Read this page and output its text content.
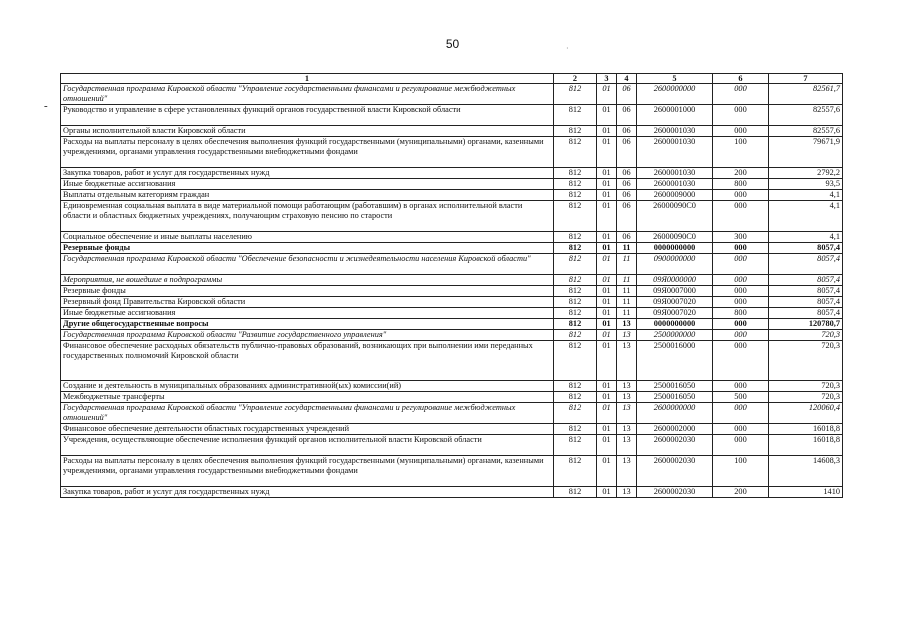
50
-
·
1	2	3	4	5	6	7
Государственная программа Кировской области "Управление государственными финансами и регулирование межбюджетных отношений"	812	01	06	2600000000	000	82561,7
Руководство и управление в сфере установленных функций органов государственной власти Кировской области	812	01	06	2600001000	000	82557,6
Органы исполнительной власти Кировской области	812	01	06	2600001030	000	82557,6
Расходы на выплаты персоналу в целях обеспечения выполнения функций государственными (муниципальными) органами, казенными учреждениями, органами управления государственными внебюджетными фондами	812	01	06	2600001030	100	79671,9
Закупка товаров, работ и услуг для государственных нужд	812	01	06	2600001030	200	2792,2
Иные бюджетные ассигнования	812	01	06	2600001030	800	93,5
Выплаты отдельным категориям граждан	812	01	06	2600009000	000	4,1
Единовременная социальная выплата в виде материальной помощи работающим (работавшим) в органах исполнительной власти области и областных бюджетных учреждениях, получающим страховую пенсию по старости	812	01	06	26000090С0	000	4,1
Социальное обеспечение и иные выплаты населению	812	01	06	26000090С0	300	4,1
Резервные фонды	812	01	11	0000000000	000	8057,4
Государственная программа Кировской области "Обеспечение безопасности и жизнедеятельности населения Кировской области"	812	01	11	0900000000	000	8057,4
Мероприятия, не вошедшие в подпрограммы	812	01	11	09Я0000000	000	8057,4
Резервные фонды	812	01	11	09Я0007000	000	8057,4
Резервный фонд Правительства Кировской области	812	01	11	09Я0007020	000	8057,4
Иные бюджетные ассигнования	812	01	11	09Я0007020	800	8057,4
Другие общегосударственные вопросы	812	01	13	0000000000	000	120780,7
Государственная программа Кировской области "Развитие государственного управления"	812	01	13	2500000000	000	720,3
Финансовое обеспечение расходных обязательств публично-правовых образований, возникающих при выполнении ими переданных государственных полномочий Кировской области	812	01	13	2500016000	000	720,3
Создание и деятельность в муниципальных образованиях административной(ых) комиссии(ий)	812	01	13	2500016050	000	720,3
Межбюджетные трансферты	812	01	13	2500016050	500	720,3
Государственная программа Кировской области "Управление государственными финансами и регулирование межбюджетных отношений"	812	01	13	2600000000	000	120060,4
Финансовое обеспечение деятельности областных государственных учреждений	812	01	13	2600002000	000	16018,8
Учреждения, осуществляющие обеспечение исполнения функций органов исполнительной власти Кировской области	812	01	13	2600002030	000	16018,8
Расходы на выплаты персоналу в целях обеспечения выполнения функций государственными (муниципальными) органами, казенными учреждениями, органами управления государственными внебюджетными фондами	812	01	13	2600002030	100	14608,3
Закупка товаров, работ и услуг для государственных нужд	812	01	13	2600002030	200	1410
